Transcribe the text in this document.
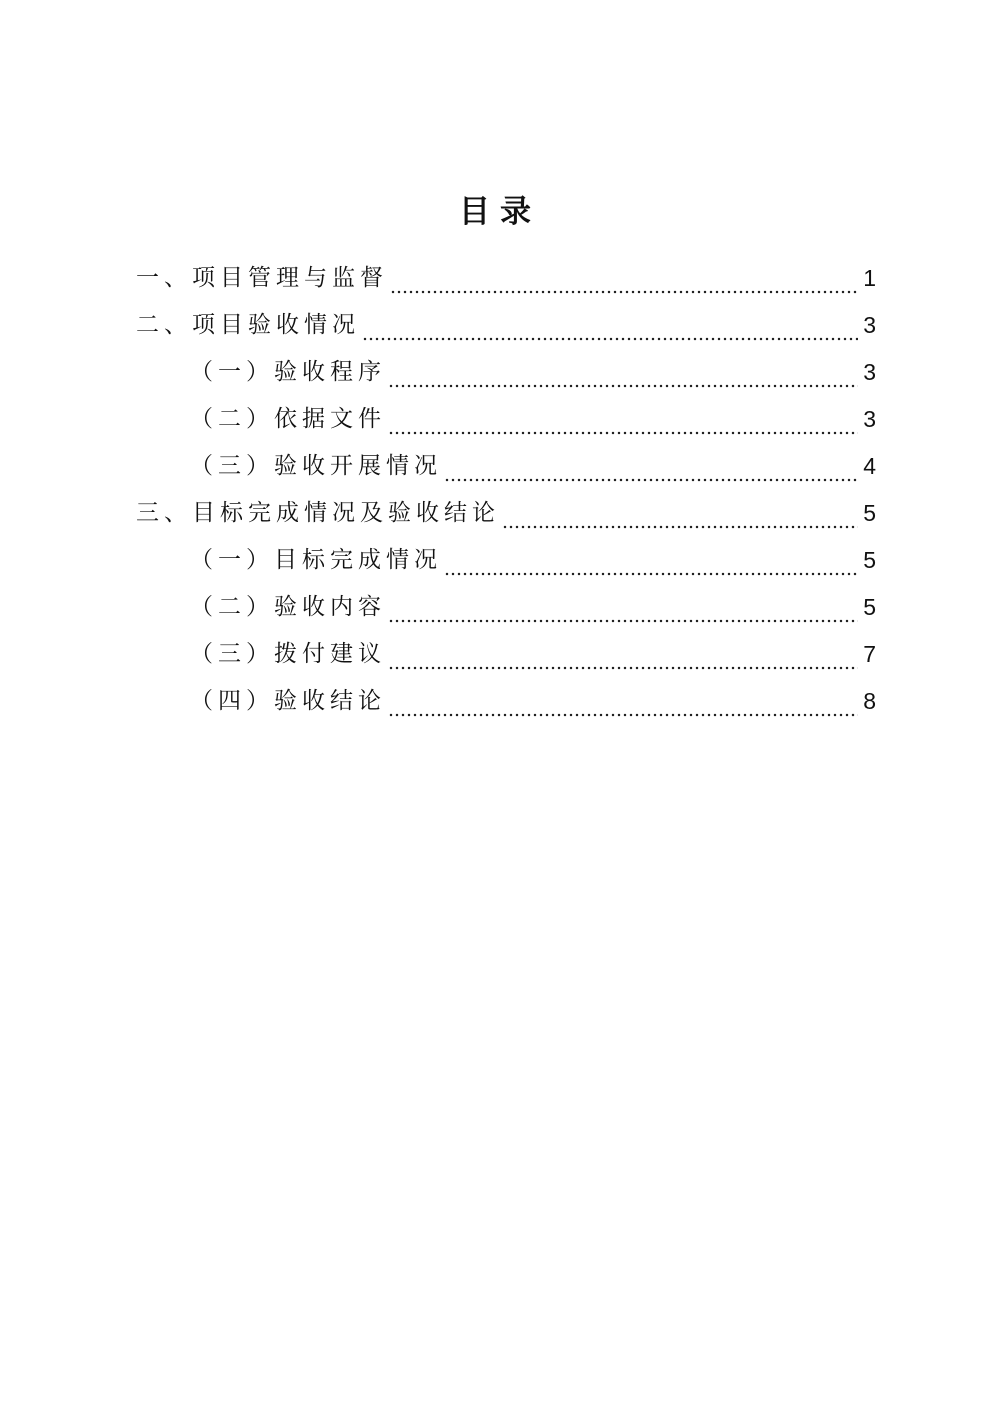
目录
一、项目管理与监督	1
二、项目验收情况	3
（一）验收程序	3
（二）依据文件	3
（三）验收开展情况	4
三、目标完成情况及验收结论	5
（一）目标完成情况	5
（二）验收内容	5
（三）拨付建议	7
（四）验收结论	8
